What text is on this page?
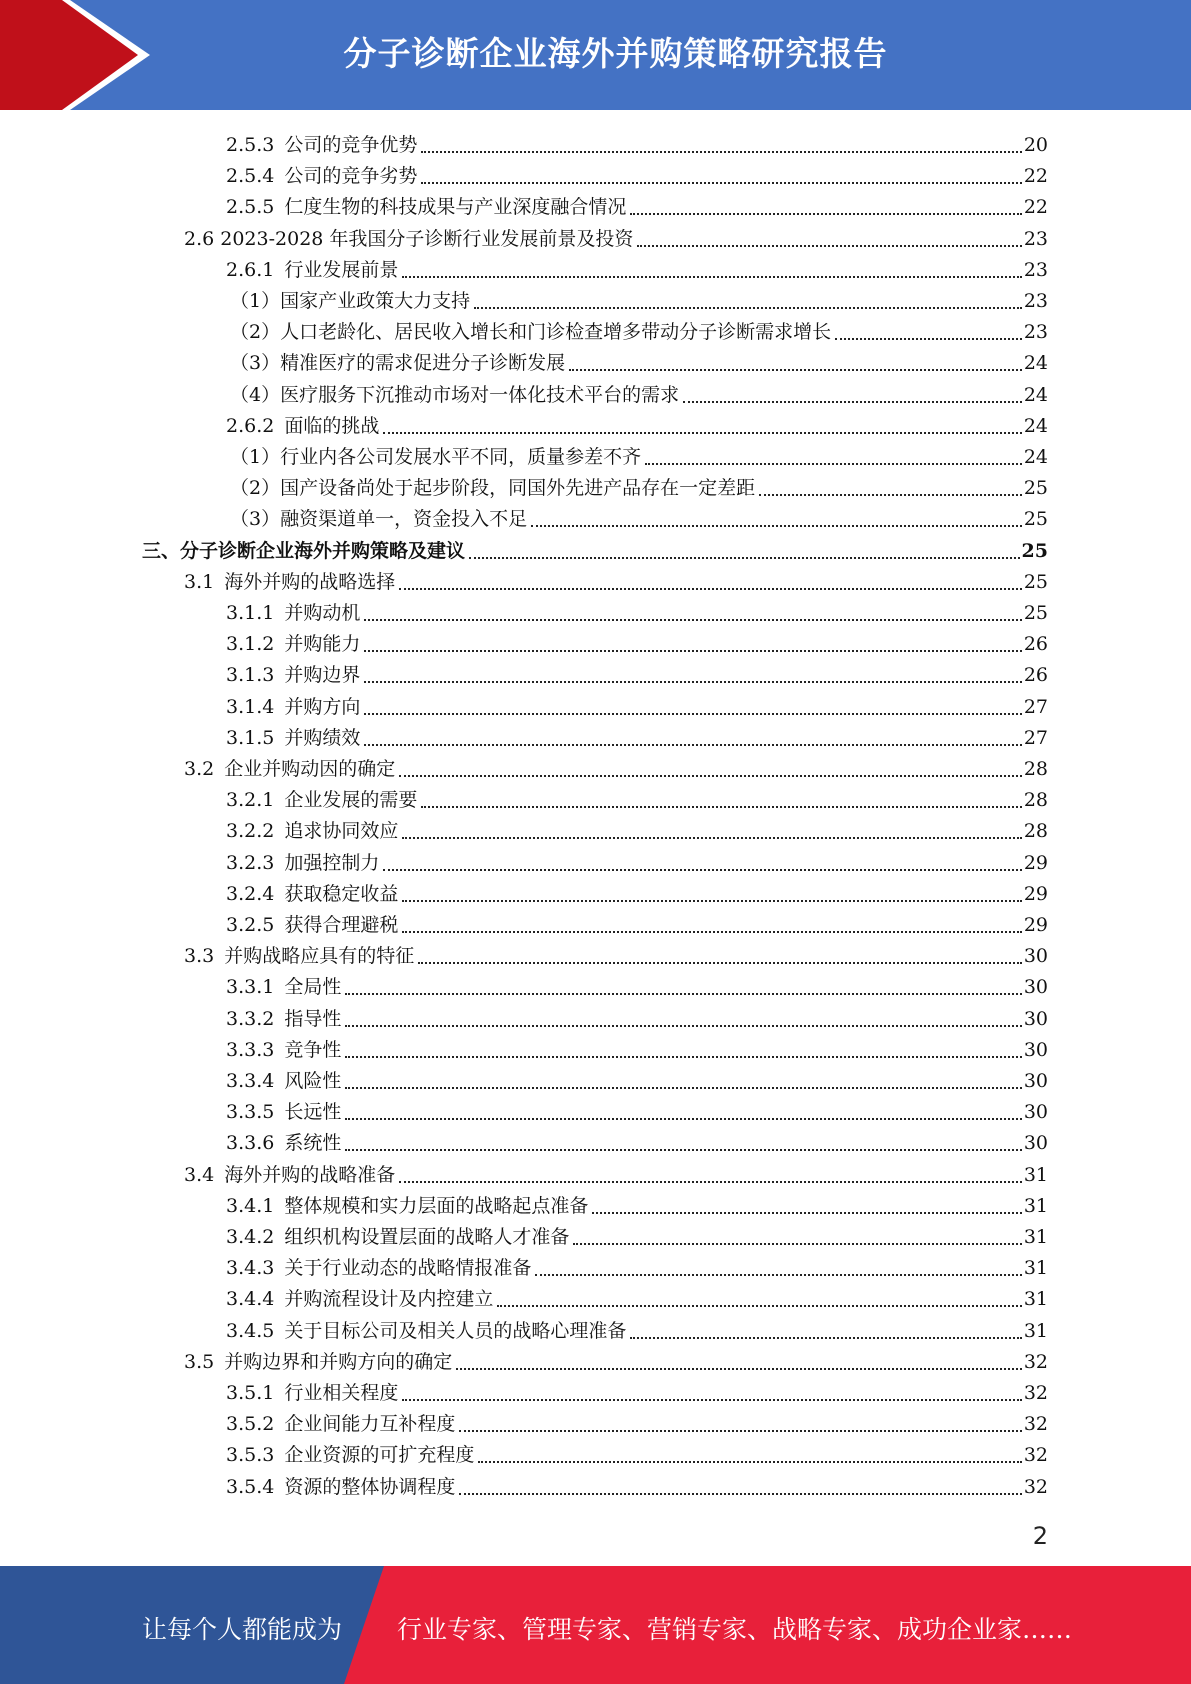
分子诊断企业海外并购策略研究报告
2.5.3 公司的竞争优势	20
2.5.4 公司的竞争劣势	22
2.5.5 仁度生物的科技成果与产业深度融合情况	22
2.6 2023-2028 年我国分子诊断行业发展前景及投资	23
2.6.1 行业发展前景	23
（1）国家产业政策大力支持	23
（2）人口老龄化、居民收入增长和门诊检查增多带动分子诊断需求增长	23
（3）精准医疗的需求促进分子诊断发展	24
（4）医疗服务下沉推动市场对一体化技术平台的需求	24
2.6.2 面临的挑战	24
（1）行业内各公司发展水平不同，质量参差不齐	24
（2）国产设备尚处于起步阶段，同国外先进产品存在一定差距	25
（3）融资渠道单一，资金投入不足	25
三、分子诊断企业海外并购策略及建议	25
3.1 海外并购的战略选择	25
3.1.1 并购动机	25
3.1.2 并购能力	26
3.1.3 并购边界	26
3.1.4 并购方向	27
3.1.5 并购绩效	27
3.2 企业并购动因的确定	28
3.2.1 企业发展的需要	28
3.2.2 追求协同效应	28
3.2.3 加强控制力	29
3.2.4 获取稳定收益	29
3.2.5 获得合理避税	29
3.3 并购战略应具有的特征	30
3.3.1 全局性	30
3.3.2 指导性	30
3.3.3 竞争性	30
3.3.4 风险性	30
3.3.5 长远性	30
3.3.6 系统性	30
3.4 海外并购的战略准备	31
3.4.1 整体规模和实力层面的战略起点准备	31
3.4.2 组织机构设置层面的战略人才准备	31
3.4.3 关于行业动态的战略情报准备	31
3.4.4 并购流程设计及内控建立	31
3.4.5 关于目标公司及相关人员的战略心理准备	31
3.5 并购边界和并购方向的确定	32
3.5.1 行业相关程度	32
3.5.2 企业间能力互补程度	32
3.5.3 企业资源的可扩充程度	32
3.5.4 资源的整体协调程度	32
2
让每个人都能成为 行业专家、管理专家、营销专家、战略专家、成功企业家……
